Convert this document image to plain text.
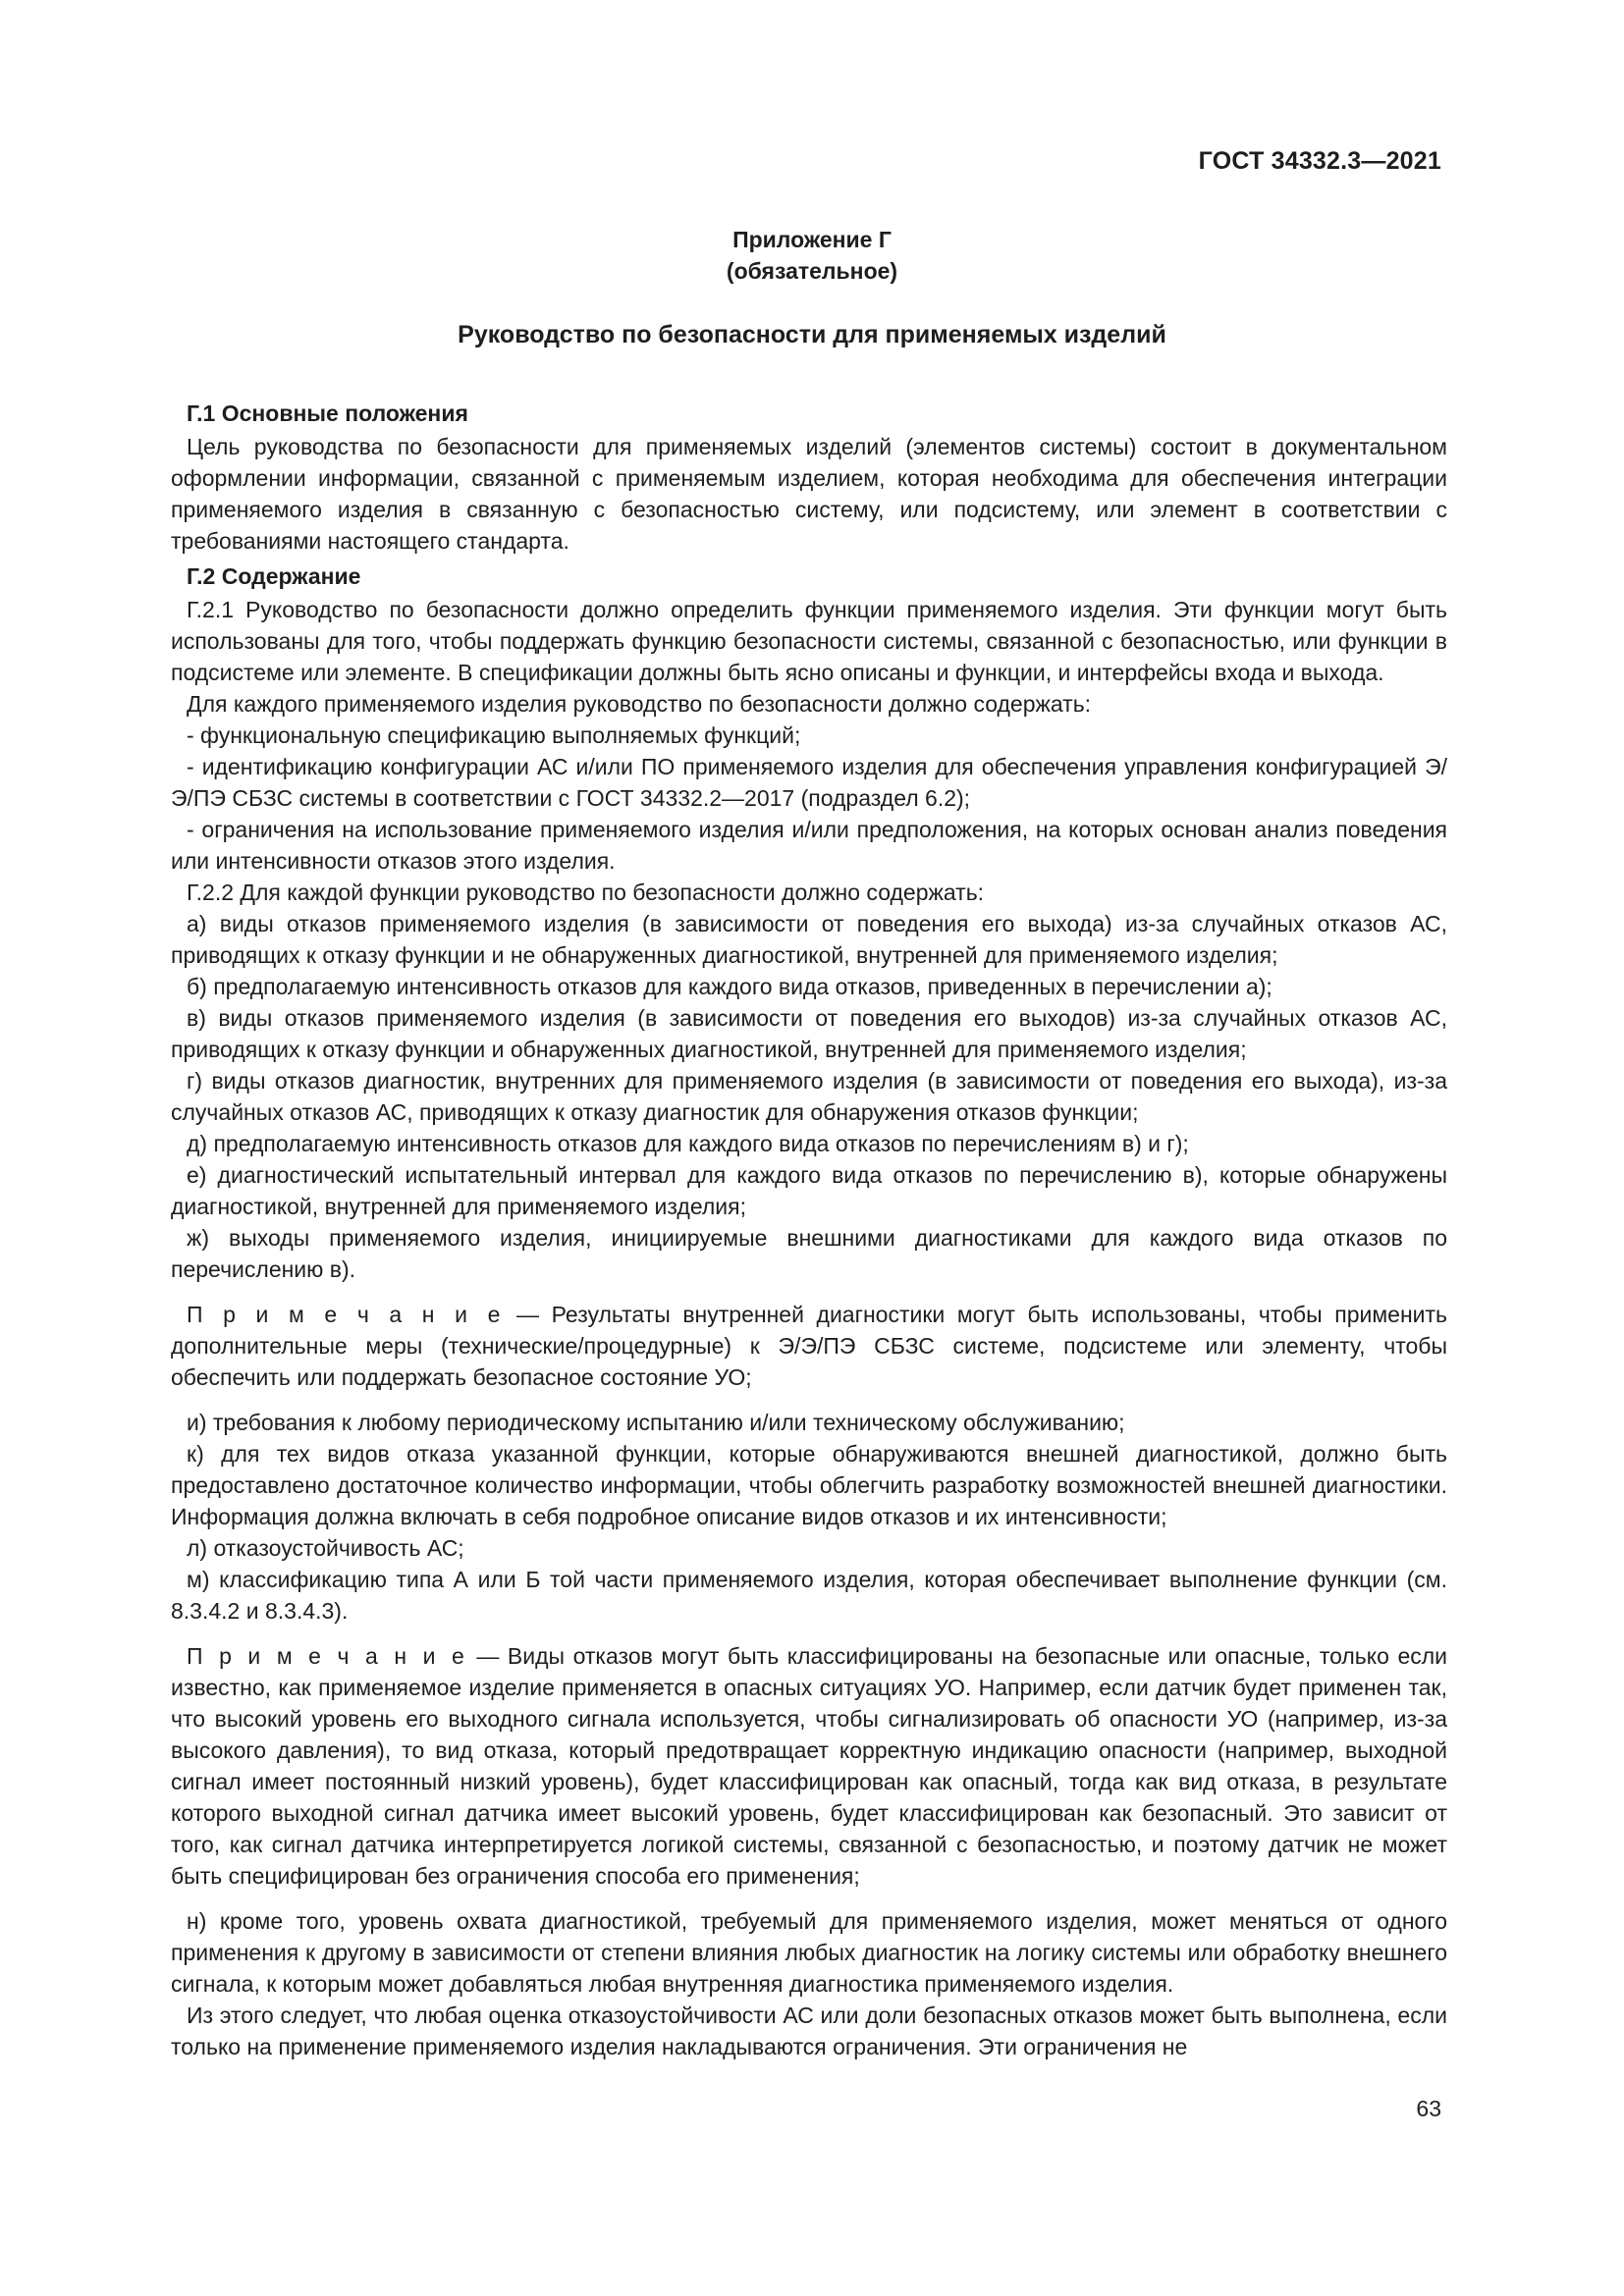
ГОСТ 34332.3—2021
Приложение Г
(обязательное)
Руководство по безопасности для применяемых изделий

Г.1 Основные положения

Цель руководства по безопасности для применяемых изделий (элементов системы) состоит в документальном оформлении информации, связанной с применяемым изделием, которая необходима для обеспечения интеграции применяемого изделия в связанную с безопасностью систему, или подсистему, или элемент в соответствии с требованиями настоящего стандарта.

Г.2 Содержание

Г.2.1 Руководство по безопасности должно определить функции применяемого изделия. Эти функции могут быть использованы для того, чтобы поддержать функцию безопасности системы, связанной с безопасностью, или функции в подсистеме или элементе. В спецификации должны быть ясно описаны и функции, и интерфейсы входа и выхода.

Для каждого применяемого изделия руководство по безопасности должно содержать:

- функциональную спецификацию выполняемых функций;

- идентификацию конфигурации АС и/или ПО применяемого изделия для обеспечения управления конфигурацией Э/Э/ПЭ СБЗС системы в соответствии с ГОСТ 34332.2—2017 (подраздел 6.2);

- ограничения на использование применяемого изделия и/или предположения, на которых основан анализ поведения или интенсивности отказов этого изделия.

Г.2.2 Для каждой функции руководство по безопасности должно содержать:

а) виды отказов применяемого изделия (в зависимости от поведения его выхода) из-за случайных отказов АС, приводящих к отказу функции и не обнаруженных диагностикой, внутренней для применяемого изделия;

б) предполагаемую интенсивность отказов для каждого вида отказов, приведенных в перечислении а);

в) виды отказов применяемого изделия (в зависимости от поведения его выходов) из-за случайных отказов АС, приводящих к отказу функции и обнаруженных диагностикой, внутренней для применяемого изделия;

г) виды отказов диагностик, внутренних для применяемого изделия (в зависимости от поведения его выхода), из-за случайных отказов АС, приводящих к отказу диагностик для обнаружения отказов функции;

д) предполагаемую интенсивность отказов для каждого вида отказов по перечислениям в) и г);

е) диагностический испытательный интервал для каждого вида отказов по перечислению в), которые обнаружены диагностикой, внутренней для применяемого изделия;

ж) выходы применяемого изделия, инициируемые внешними диагностиками для каждого вида отказов по перечислению в).

П р и м е ч а н и е — Результаты внутренней диагностики могут быть использованы, чтобы применить дополнительные меры (технические/процедурные) к Э/Э/ПЭ СБЗС системе, подсистеме или элементу, чтобы обеспечить или поддержать безопасное состояние УО;

и) требования к любому периодическому испытанию и/или техническому обслуживанию;

к) для тех видов отказа указанной функции, которые обнаруживаются внешней диагностикой, должно быть предоставлено достаточное количество информации, чтобы облегчить разработку возможностей внешней диагностики. Информация должна включать в себя подробное описание видов отказов и их интенсивности;

л) отказоустойчивость АС;

м) классификацию типа А или Б той части применяемого изделия, которая обеспечивает выполнение функции (см. 8.3.4.2 и 8.3.4.3).

П р и м е ч а н и е — Виды отказов могут быть классифицированы на безопасные или опасные, только если известно, как применяемое изделие применяется в опасных ситуациях УО. Например, если датчик будет применен так, что высокий уровень его выходного сигнала используется, чтобы сигнализировать об опасности УО (например, из-за высокого давления), то вид отказа, который предотвращает корректную индикацию опасности (например, выходной сигнал имеет постоянный низкий уровень), будет классифицирован как опасный, тогда как вид отказа, в результате которого выходной сигнал датчика имеет высокий уровень, будет классифицирован как безопасный. Это зависит от того, как сигнал датчика интерпретируется логикой системы, связанной с безопасностью, и поэтому датчик не может быть специфицирован без ограничения способа его применения;

н) кроме того, уровень охвата диагностикой, требуемый для применяемого изделия, может меняться от одного применения к другому в зависимости от степени влияния любых диагностик на логику системы или обработку внешнего сигнала, к которым может добавляться любая внутренняя диагностика применяемого изделия.

Из этого следует, что любая оценка отказоустойчивости АС или доли безопасных отказов может быть выполнена, если только на применение применяемого изделия накладываются ограничения. Эти ограничения не

63
